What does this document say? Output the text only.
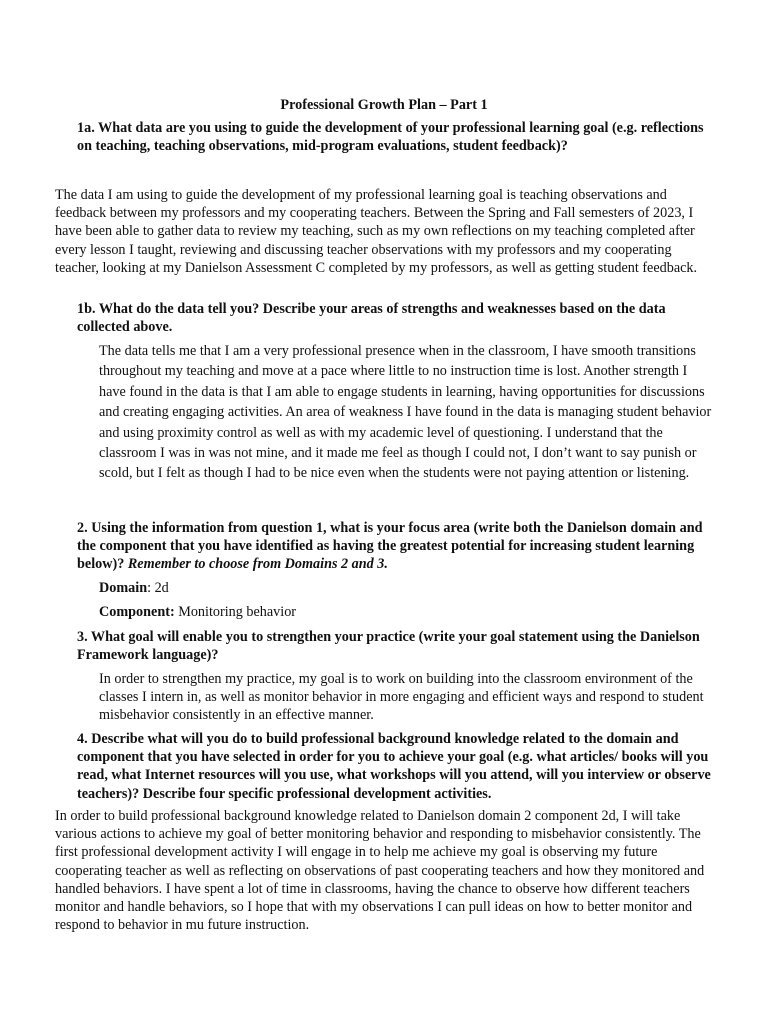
Professional Growth Plan – Part 1

1a. What data are you using to guide the development of your professional learning goal (e.g. reflections on teaching, teaching observations, mid-program evaluations, student feedback)?

The data I am using to guide the development of my professional learning goal is teaching observations and feedback between my professors and my cooperating teachers. Between the Spring and Fall semesters of 2023, I have been able to gather data to review my teaching, such as my own reflections on my teaching completed after every lesson I taught, reviewing and discussing teacher observations with my professors and my cooperating teacher, looking at my Danielson Assessment C completed by my professors, as well as getting student feedback.

1b. What do the data tell you? Describe your areas of strengths and weaknesses based on the data collected above.

The data tells me that I am a very professional presence when in the classroom, I have smooth transitions throughout my teaching and move at a pace where little to no instruction time is lost. Another strength I have found in the data is that I am able to engage students in learning, having opportunities for discussions and creating engaging activities. An area of weakness I have found in the data is managing student behavior and using proximity control as well as with my academic level of questioning. I understand that the classroom I was in was not mine, and it made me feel as though I could not, I don’t want to say punish or scold, but I felt as though I had to be nice even when the students were not paying attention or listening.

2. Using the information from question 1, what is your focus area (write both the Danielson domain and the component that you have identified as having the greatest potential for increasing student learning below)? Remember to choose from Domains 2 and 3.

Domain: 2d

Component: Monitoring behavior

3. What goal will enable you to strengthen your practice (write your goal statement using the Danielson Framework language)?

In order to strengthen my practice, my goal is to work on building into the classroom environment of the classes I intern in, as well as monitor behavior in more engaging and efficient ways and respond to student misbehavior consistently in an effective manner.

4. Describe what will you do to build professional background knowledge related to the domain and component that you have selected in order for you to achieve your goal (e.g. what articles/ books will you read, what Internet resources will you use, what workshops will you attend, will you interview or observe teachers)? Describe four specific professional development activities.

In order to build professional background knowledge related to Danielson domain 2 component 2d, I will take various actions to achieve my goal of better monitoring behavior and responding to misbehavior consistently. The first professional development activity I will engage in to help me achieve my goal is observing my future cooperating teacher as well as reflecting on observations of past cooperating teachers and how they monitored and handled behaviors. I have spent a lot of time in classrooms, having the chance to observe how different teachers monitor and handle behaviors, so I hope that with my observations I can pull ideas on how to better monitor and respond to behavior in mu future instruction.
